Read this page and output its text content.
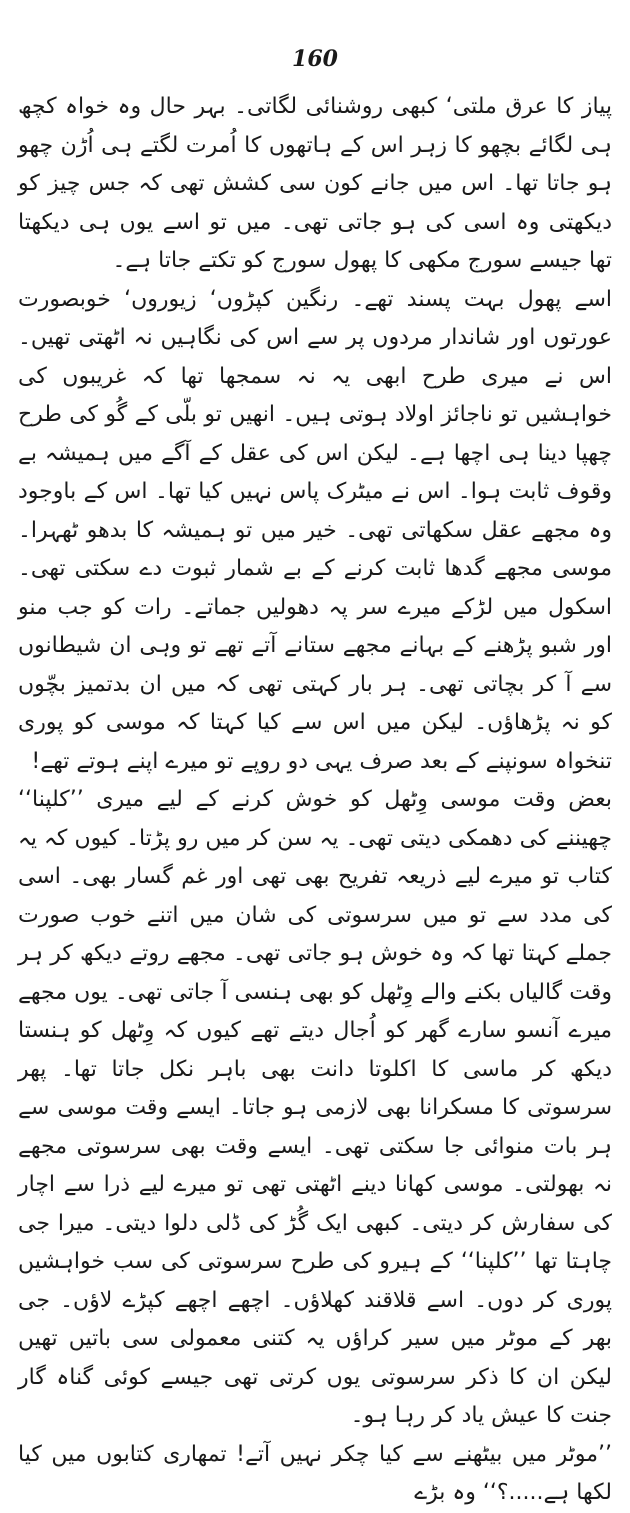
160

پیاز کا عرق ملتی‘ کبھی روشنائی لگاتی۔ بہر حال وہ خواہ کچھ ہی لگائے بچھو کا زہر اس کے ہاتھوں کا اُمرت لگتے ہی اُڑن چھو ہو جاتا تھا۔ اس میں جانے کون سی کشش تھی کہ جس چیز کو دیکھتی وہ اسی کی ہو جاتی تھی۔ میں تو اسے یوں ہی دیکھتا تھا جیسے سورج مکھی کا پھول سورج کو تکتے جاتا ہے۔

اسے پھول بہت پسند تھے۔ رنگین کپڑوں‘ زیوروں‘ خوبصورت عورتوں اور شاندار مردوں پر سے اس کی نگاہیں نہ اٹھتی تھیں۔ اس نے میری طرح ابھی یہ نہ سمجھا تھا کہ غریبوں کی خواہشیں تو ناجائز اولاد ہوتی ہیں۔ انھیں تو بلّی کے گُو کی طرح چھپا دینا ہی اچھا ہے۔ لیکن اس کی عقل کے آگے میں ہمیشہ بے وقوف ثابت ہوا۔ اس نے میٹرک پاس نہیں کیا تھا۔ اس کے باوجود وہ مجھے عقل سکھاتی تھی۔ خیر میں تو ہمیشہ کا بدھو ٹھہرا۔ موسی مجھے گدھا ثابت کرنے کے بے شمار ثبوت دے سکتی تھی۔ اسکول میں لڑکے میرے سر پہ دھولیں جماتے۔ رات کو جب منو اور شبو پڑھنے کے بہانے مجھے ستانے آتے تھے تو وہی ان شیطانوں سے آ کر بچاتی تھی۔ ہر بار کہتی تھی کہ میں ان بدتمیز بچّوں کو نہ پڑھاؤں۔ لیکن میں اس سے کیا کہتا کہ موسی کو پوری تنخواہ سونپنے کے بعد صرف یہی دو روپے تو میرے اپنے ہوتے تھے!

بعض وقت موسی وِٹھل کو خوش کرنے کے لیے میری ’’کلپنا‘‘ چھیننے کی دھمکی دیتی تھی۔ یہ سن کر میں رو پڑتا۔ کیوں کہ یہ کتاب تو میرے لیے ذریعہ تفریح بھی تھی اور غم گسار بھی۔ اسی کی مدد سے تو میں سرسوتی کی شان میں اتنے خوب صورت جملے کہتا تھا کہ وہ خوش ہو جاتی تھی۔ مجھے روتے دیکھ کر ہر وقت گالیاں بکنے والے وِٹھل کو بھی ہنسی آ جاتی تھی۔ یوں مجھے میرے آنسو سارے گھر کو اُجال دیتے تھے کیوں کہ وِٹھل کو ہنستا دیکھ کر ماسی کا اکلوتا دانت بھی باہر نکل جاتا تھا۔ پھر سرسوتی کا مسکرانا بھی لازمی ہو جاتا۔ ایسے وقت موسی سے ہر بات منوائی جا سکتی تھی۔ ایسے وقت بھی سرسوتی مجھے نہ بھولتی۔ موسی کھانا دینے اٹھتی تھی تو میرے لیے ذرا سے اچار کی سفارش کر دیتی۔ کبھی ایک گُڑ کی ڈلی دلوا دیتی۔ میرا جی چاہتا تھا ’’کلپنا‘‘ کے ہیرو کی طرح سرسوتی کی سب خواہشیں پوری کر دوں۔ اسے قلاقند کھلاؤں۔ اچھے اچھے کپڑے لاؤں۔ جی بھر کے موٹر میں سیر کراؤں یہ کتنی معمولی سی باتیں تھیں لیکن ان کا ذکر سرسوتی یوں کرتی تھی جیسے کوئی گناہ گار جنت کا عیش یاد کر رہا ہو۔

’’موٹر میں بیٹھنے سے کیا چکر نہیں آتے! تمھاری کتابوں میں کیا لکھا ہے.....؟‘‘ وہ بڑے
